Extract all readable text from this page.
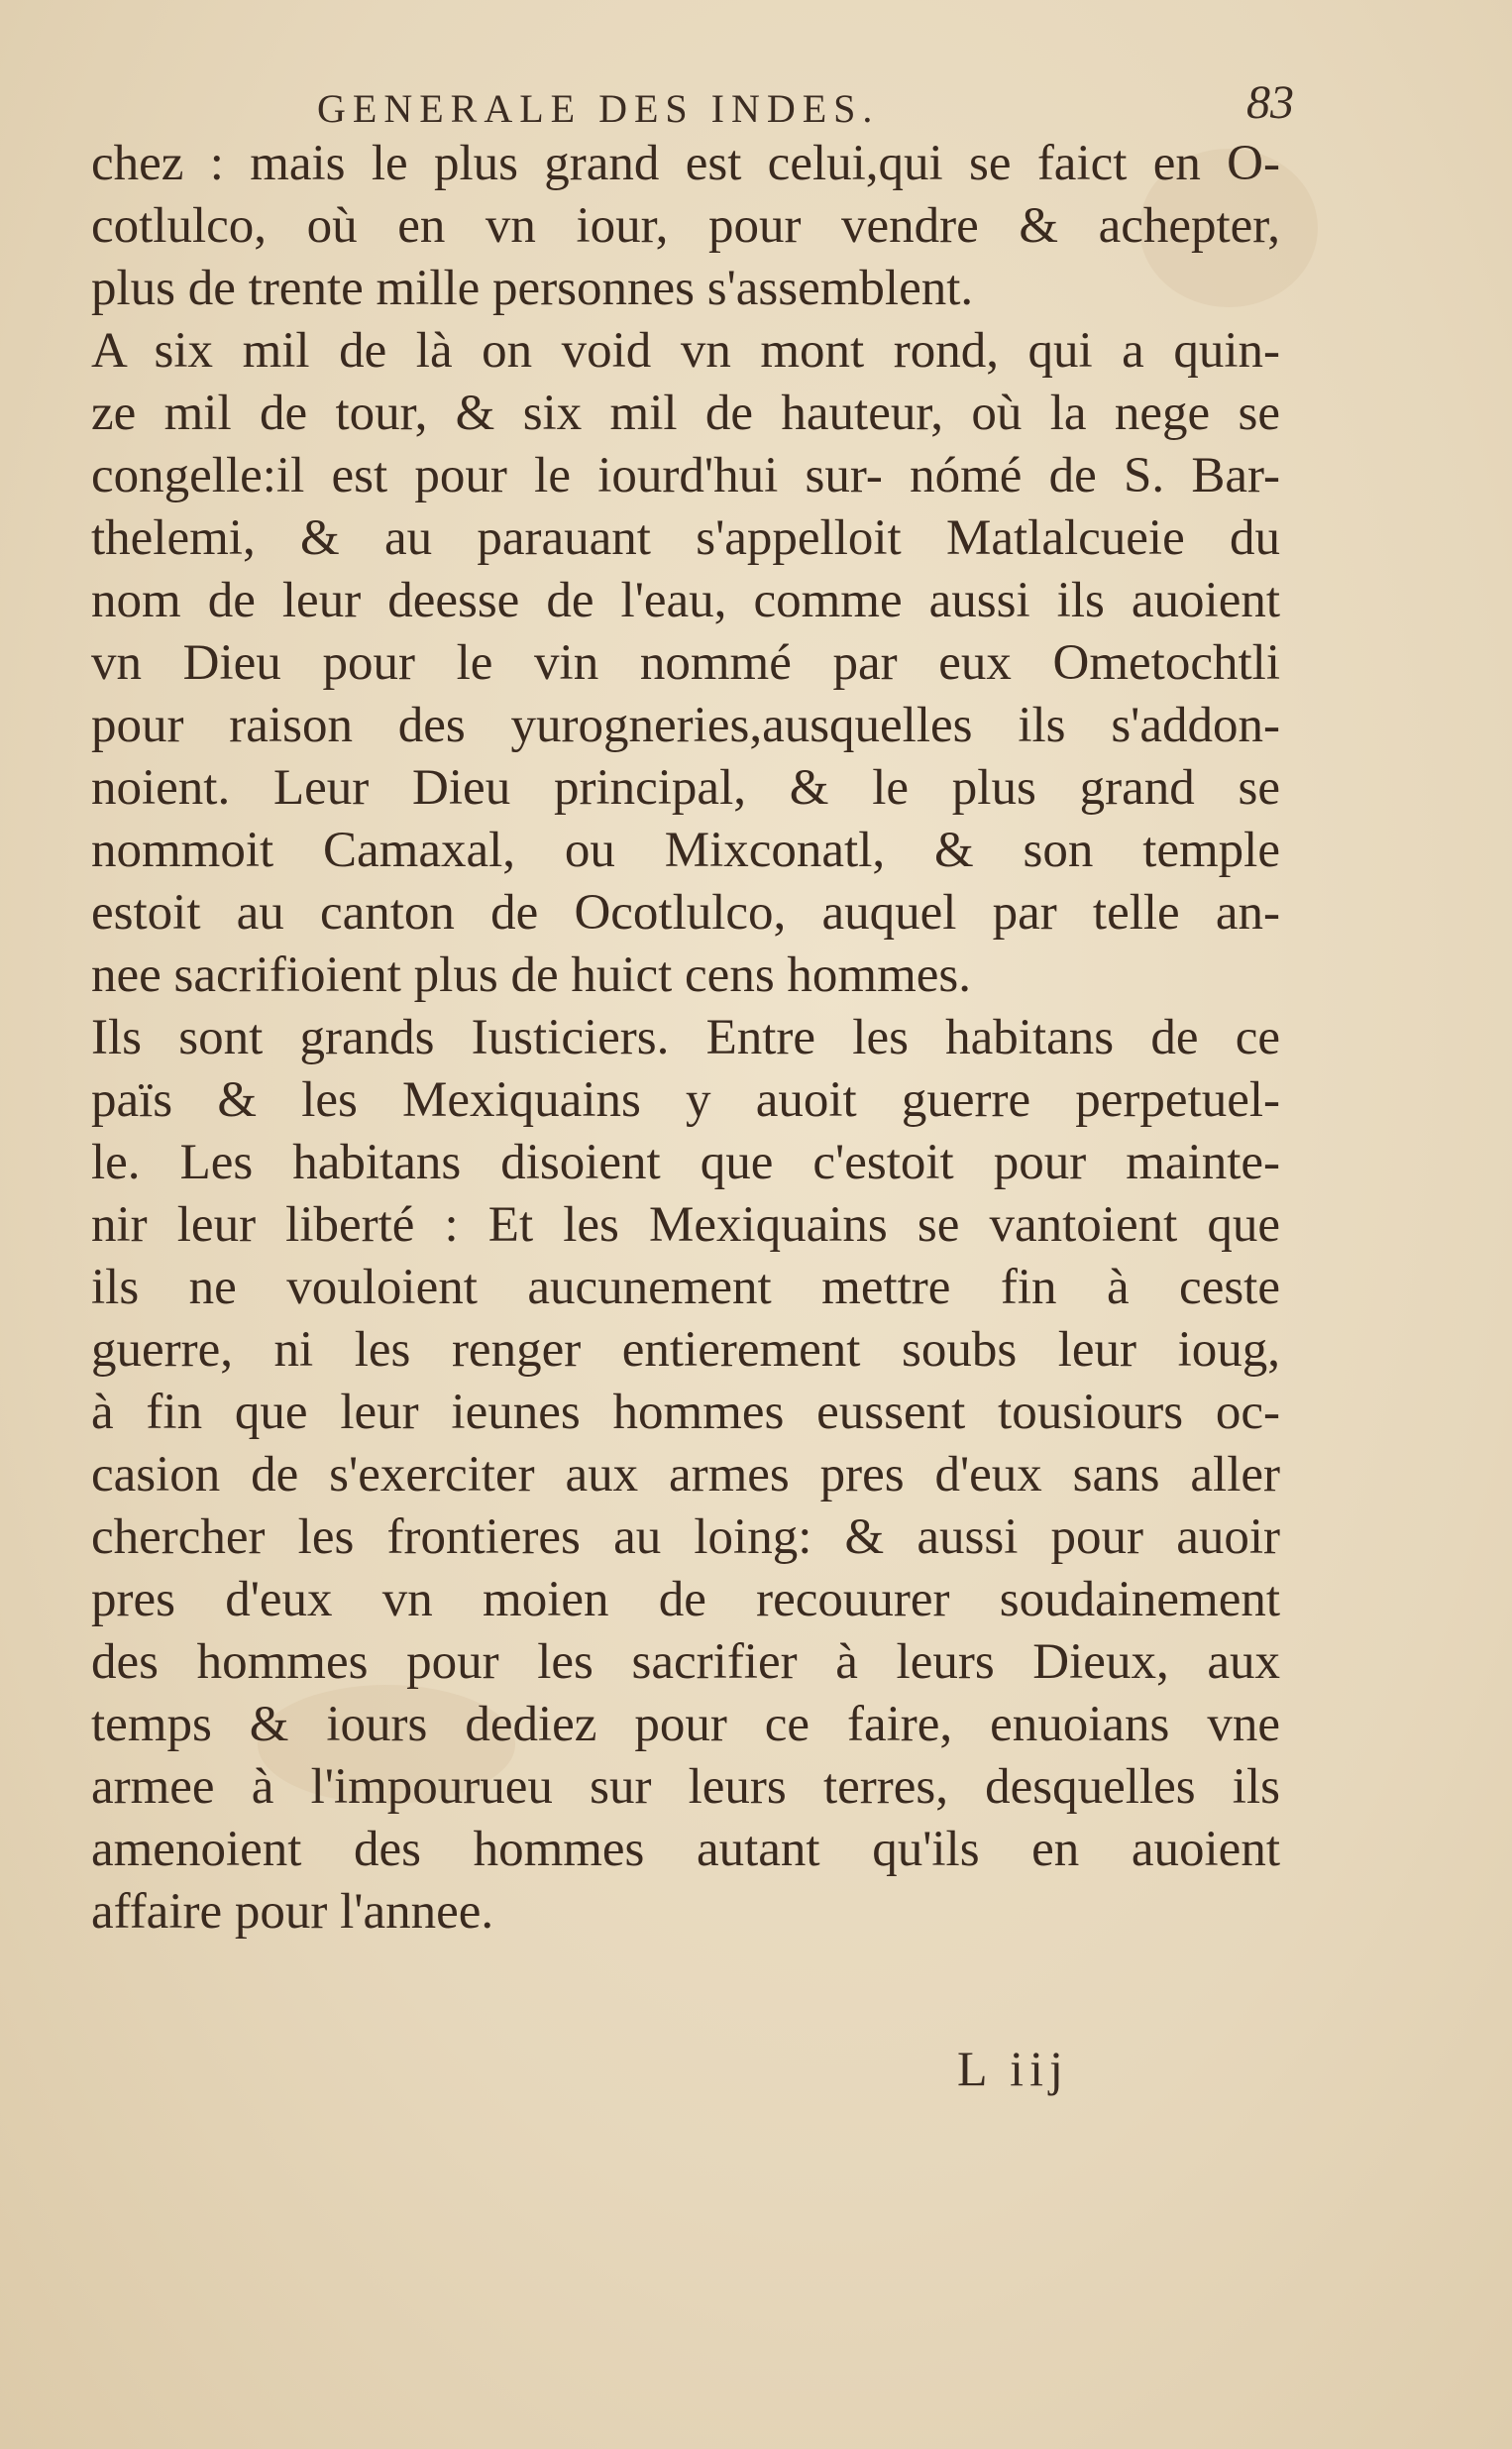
GENERALE DES INDES.	83
chez : mais le plus grand est celui,qui se faict en O-
cotlulco, où en vn iour, pour vendre & achepter,
plus de trente mille personnes s'assemblent.
A six mil de là on void vn mont rond, qui a quin-
ze mil de tour, & six mil de hauteur, où la nege se
congelle:il est pour le iourd'hui sur- nómé de S. Bar-
thelemi, & au parauant s'appelloit Matlalcueie du
nom de leur deesse de l'eau, comme aussi ils auoient
vn Dieu pour le vin nommé par eux Ometochtli
pour raison des yurogneries,ausquelles ils s'addon-
noient. Leur Dieu principal, & le plus grand se
nommoit Camaxal, ou Mixconatl, & son temple
estoit au canton de Ocotlulco, auquel par telle an-
nee sacrifioient plus de huict cens hommes.
Ils sont grands Iusticiers. Entre les habitans de ce
païs & les Mexiquains y auoit guerre perpetuel-
le. Les habitans disoient que c'estoit pour mainte-
nir leur liberté : Et les Mexiquains se vantoient que
ils ne vouloient aucunement mettre fin à ceste
guerre, ni les renger entierement soubs leur ioug,
à fin que leur ieunes hommes eussent tousiours oc-
casion de s'exerciter aux armes pres d'eux sans aller
chercher les frontieres au loing: & aussi pour auoir
pres d'eux vn moien de recouurer soudainement
des hommes pour les sacrifier à leurs Dieux, aux
temps & iours dediez pour ce faire, enuoians vne
armee à l'impourueu sur leurs terres, desquelles ils
amenoient des hommes autant qu'ils en auoient
affaire pour l'annee.
L iij
